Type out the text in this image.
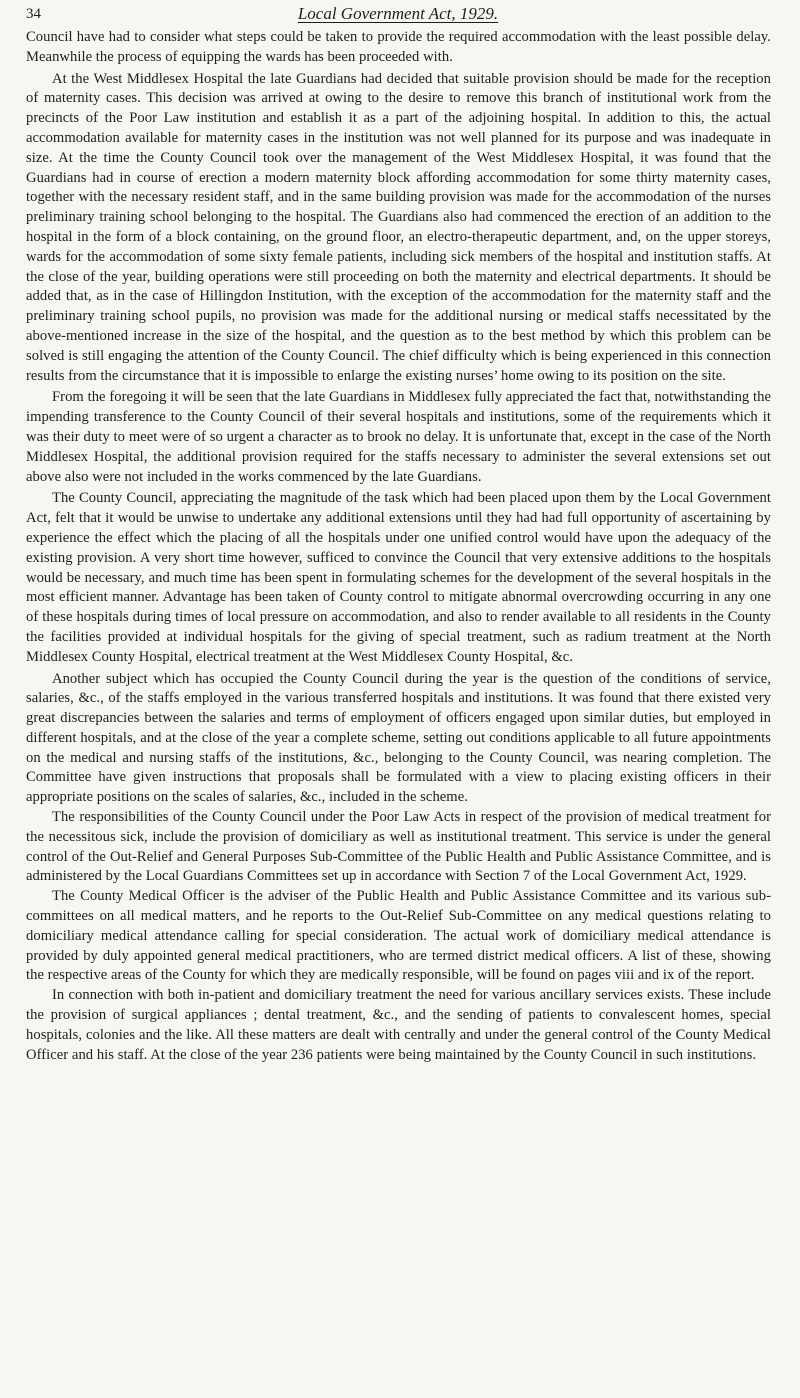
34	Local Government Act, 1929.

Council have had to consider what steps could be taken to provide the required accommodation with the least possible delay. Meanwhile the process of equipping the wards has been proceeded with.

At the West Middlesex Hospital the late Guardians had decided that suitable provision should be made for the reception of maternity cases. This decision was arrived at owing to the desire to remove this branch of institutional work from the precincts of the Poor Law institution and establish it as a part of the adjoining hospital. In addition to this, the actual accommodation available for maternity cases in the institution was not well planned for its purpose and was inadequate in size. At the time the County Council took over the management of the West Middlesex Hospital, it was found that the Guardians had in course of erection a modern maternity block affording accommodation for some thirty maternity cases, together with the necessary resident staff, and in the same building provision was made for the accommodation of the nurses preliminary training school belonging to the hospital. The Guardians also had commenced the erection of an addition to the hospital in the form of a block containing, on the ground floor, an electro-therapeutic department, and, on the upper storeys, wards for the accommodation of some sixty female patients, including sick members of the hospital and institution staffs. At the close of the year, building operations were still proceeding on both the maternity and electrical departments. It should be added that, as in the case of Hillingdon Institution, with the exception of the accommodation for the maternity staff and the preliminary training school pupils, no provision was made for the additional nursing or medical staffs necessitated by the above-mentioned increase in the size of the hospital, and the question as to the best method by which this problem can be solved is still engaging the attention of the County Council. The chief difficulty which is being experienced in this connection results from the circumstance that it is impossible to enlarge the existing nurses’ home owing to its position on the site.

From the foregoing it will be seen that the late Guardians in Middlesex fully appreciated the fact that, notwithstanding the impending transference to the County Council of their several hospitals and institutions, some of the requirements which it was their duty to meet were of so urgent a character as to brook no delay. It is unfortunate that, except in the case of the North Middlesex Hospital, the additional provision required for the staffs necessary to administer the several extensions set out above also were not included in the works commenced by the late Guardians.

The County Council, appreciating the magnitude of the task which had been placed upon them by the Local Government Act, felt that it would be unwise to undertake any additional extensions until they had had full opportunity of ascertaining by experience the effect which the placing of all the hospitals under one unified control would have upon the adequacy of the existing provision. A very short time however, sufficed to convince the Council that very extensive additions to the hospitals would be necessary, and much time has been spent in formulating schemes for the development of the several hospitals in the most efficient manner. Advantage has been taken of County control to mitigate abnormal overcrowding occurring in any one of these hospitals during times of local pressure on accommodation, and also to render available to all residents in the County the facilities provided at individual hospitals for the giving of special treatment, such as radium treatment at the North Middlesex County Hospital, electrical treatment at the West Middlesex County Hospital, &c.

Another subject which has occupied the County Council during the year is the question of the conditions of service, salaries, &c., of the staffs employed in the various transferred hospitals and institutions. It was found that there existed very great discrepancies between the salaries and terms of employment of officers engaged upon similar duties, but employed in different hospitals, and at the close of the year a complete scheme, setting out conditions applicable to all future appointments on the medical and nursing staffs of the institutions, &c., belonging to the County Council, was nearing completion. The Committee have given instructions that proposals shall be formulated with a view to placing existing officers in their appropriate positions on the scales of salaries, &c., included in the scheme.

The responsibilities of the County Council under the Poor Law Acts in respect of the provision of medical treatment for the necessitous sick, include the provision of domiciliary as well as institutional treatment. This service is under the general control of the Out-Relief and General Purposes Sub-Committee of the Public Health and Public Assistance Committee, and is administered by the Local Guardians Committees set up in accordance with Section 7 of the Local Government Act, 1929.

The County Medical Officer is the adviser of the Public Health and Public Assistance Committee and its various sub-committees on all medical matters, and he reports to the Out-Relief Sub-Committee on any medical questions relating to domiciliary medical attendance calling for special consideration. The actual work of domiciliary medical attendance is provided by duly appointed general medical practitioners, who are termed district medical officers. A list of these, showing the respective areas of the County for which they are medically responsible, will be found on pages viii and ix of the report.

In connection with both in-patient and domiciliary treatment the need for various ancillary services exists. These include the provision of surgical appliances ; dental treatment, &c., and the sending of patients to convalescent homes, special hospitals, colonies and the like. All these matters are dealt with centrally and under the general control of the County Medical Officer and his staff. At the close of the year 236 patients were being maintained by the County Council in such institutions.
